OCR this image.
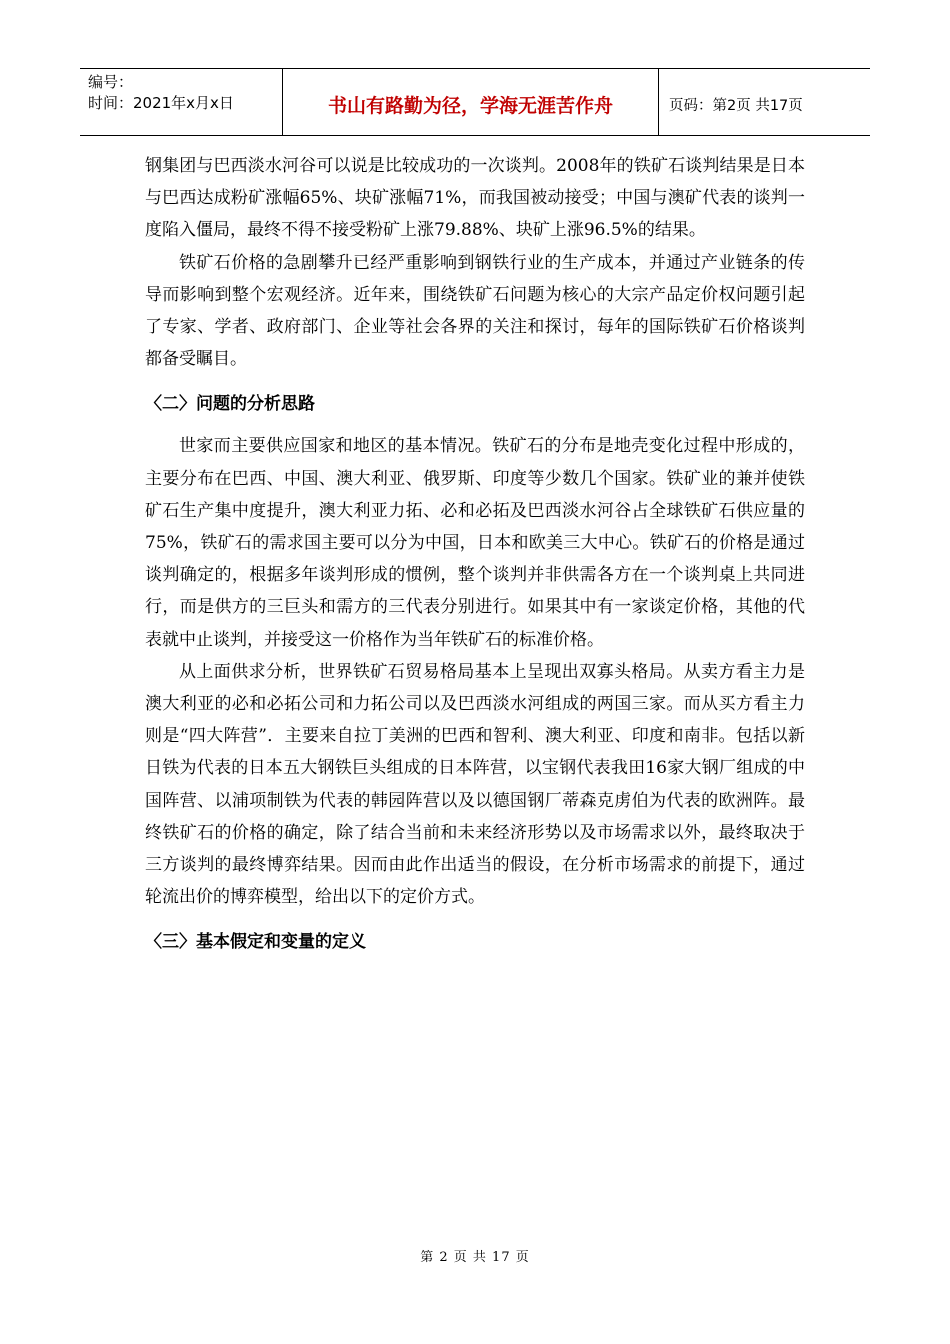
编号：
时间：2021年x月x日	书山有路勤为径，学海无涯苦作舟	页码：第2页 共17页

钢集团与巴西淡水河谷可以说是比较成功的一次谈判。2008年的铁矿石谈判结果是日本与巴西达成粉矿涨幅65%、块矿涨幅71%，而我国被动接受；中国与澳矿代表的谈判一度陷入僵局，最终不得不接受粉矿上涨79.88%、块矿上涨96.5%的结果。

铁矿石价格的急剧攀升已经严重影响到钢铁行业的生产成本，并通过产业链条的传导而影响到整个宏观经济。近年来，围绕铁矿石问题为核心的大宗产品定价权问题引起了专家、学者、政府部门、企业等社会各界的关注和探讨，每年的国际铁矿石价格谈判都备受瞩目。

〈二〉问题的分析思路

世家而主要供应国家和地区的基本情况。铁矿石的分布是地壳变化过程中形成的，主要分布在巴西、中国、澳大利亚、俄罗斯、印度等少数几个国家。铁矿业的兼并使铁矿石生产集中度提升，澳大利亚力拓、必和必拓及巴西淡水河谷占全球铁矿石供应量的75%，铁矿石的需求国主要可以分为中国，日本和欧美三大中心。铁矿石的价格是通过谈判确定的，根据多年谈判形成的惯例，整个谈判并非供需各方在一个谈判桌上共同进行，而是供方的三巨头和需方的三代表分别进行。如果其中有一家谈定价格，其他的代表就中止谈判，并接受这一价格作为当年铁矿石的标准价格。

从上面供求分析，世界铁矿石贸易格局基本上呈现出双寡头格局。从卖方看主力是澳大利亚的必和必拓公司和力拓公司以及巴西淡水河组成的两国三家。而从买方看主力则是“四大阵营”．主要来自拉丁美洲的巴西和智利、澳大利亚、印度和南非。包括以新日铁为代表的日本五大钢铁巨头组成的日本阵营，以宝钢代表我田16家大钢厂组成的中国阵营、以浦项制铁为代表的韩园阵营以及以德国钢厂蒂森克虏伯为代表的欧洲阵。最终铁矿石的价格的确定，除了结合当前和未来经济形势以及市场需求以外，最终取决于三方谈判的最终博弈结果。因而由此作出适当的假设，在分析市场需求的前提下，通过轮流出价的博弈模型，给出以下的定价方式。

〈三〉基本假定和变量的定义
第 2 页 共 17 页
